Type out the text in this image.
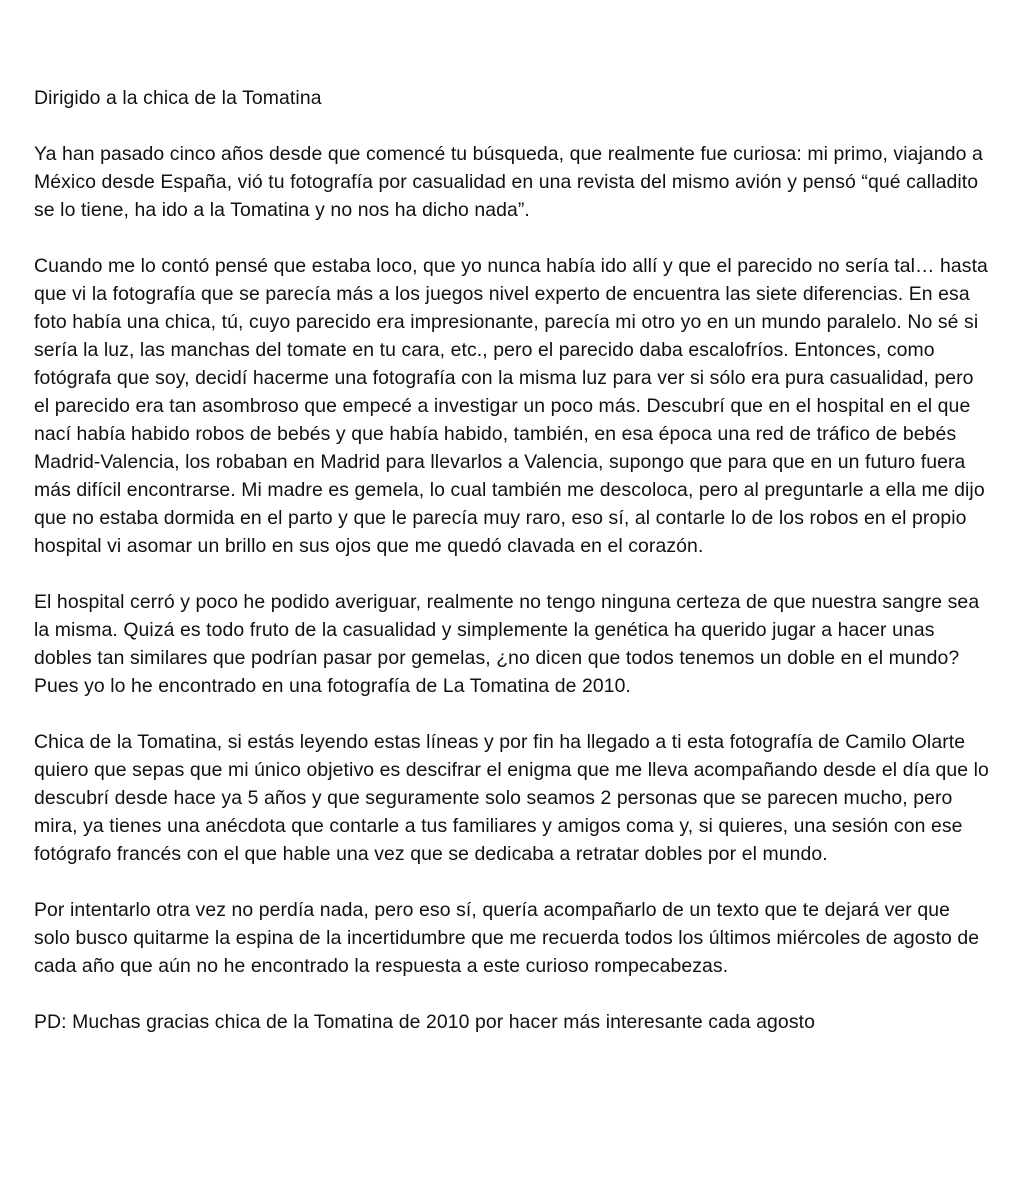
Dirigido a la chica de la Tomatina

Ya han pasado cinco años desde que comencé tu búsqueda, que realmente fue curiosa: mi primo, viajando a México desde España, vió tu fotografía por casualidad en una revista del mismo avión y pensó “qué calladito se lo tiene, ha ido a la Tomatina y no nos ha dicho nada”.

Cuando me lo contó pensé que estaba loco, que yo nunca había ido allí y que el parecido no sería tal… hasta que vi la fotografía que se parecía más a los juegos nivel experto de encuentra las siete diferencias. En esa foto había una chica, tú, cuyo parecido era impresionante, parecía mi otro yo en un mundo paralelo. No sé si sería la luz, las manchas del tomate en tu cara, etc., pero el parecido daba escalofríos. Entonces, como fotógrafa que soy, decidí hacerme una fotografía con la misma luz para ver si sólo era pura casualidad, pero el parecido era tan asombroso que empecé a investigar un poco más. Descubrí que en el hospital en el que nací había habido robos de bebés y que había habido, también, en esa época una red de tráfico de bebés Madrid-Valencia, los robaban en Madrid para llevarlos a Valencia, supongo que para que en un futuro fuera más difícil encontrarse. Mi madre es gemela, lo cual también me descoloca, pero al preguntarle a ella me dijo que no estaba dormida en el parto y que le parecía muy raro, eso sí, al contarle lo de los robos en el propio hospital vi asomar un brillo en sus ojos que me quedó clavada en el corazón.

El hospital cerró y poco he podido averiguar, realmente no tengo ninguna certeza de que nuestra sangre sea la misma. Quizá es todo fruto de la casualidad y simplemente la genética ha querido jugar a hacer unas dobles tan similares que podrían pasar por gemelas, ¿no dicen que todos tenemos un doble en el mundo? Pues yo lo he encontrado en una fotografía de La Tomatina de 2010.

Chica de la Tomatina, si estás leyendo estas líneas y por fin ha llegado a ti esta fotografía de Camilo Olarte quiero que sepas que mi único objetivo es descifrar el enigma que me lleva acompañando desde el día que lo descubrí desde hace ya 5 años y que seguramente solo seamos 2 personas que se parecen mucho, pero mira, ya tienes una anécdota que contarle a tus familiares y amigos coma y, si quieres, una sesión con ese fotógrafo francés con el que hable una vez que se dedicaba a retratar dobles por el mundo.

Por intentarlo otra vez no perdía nada, pero eso sí, quería acompañarlo de un texto que te dejará ver que solo busco quitarme la espina de la incertidumbre que me recuerda todos los últimos miércoles de agosto de cada año que aún no he encontrado la respuesta a este curioso rompecabezas.

PD: Muchas gracias chica de la Tomatina de 2010 por hacer más interesante cada agosto
